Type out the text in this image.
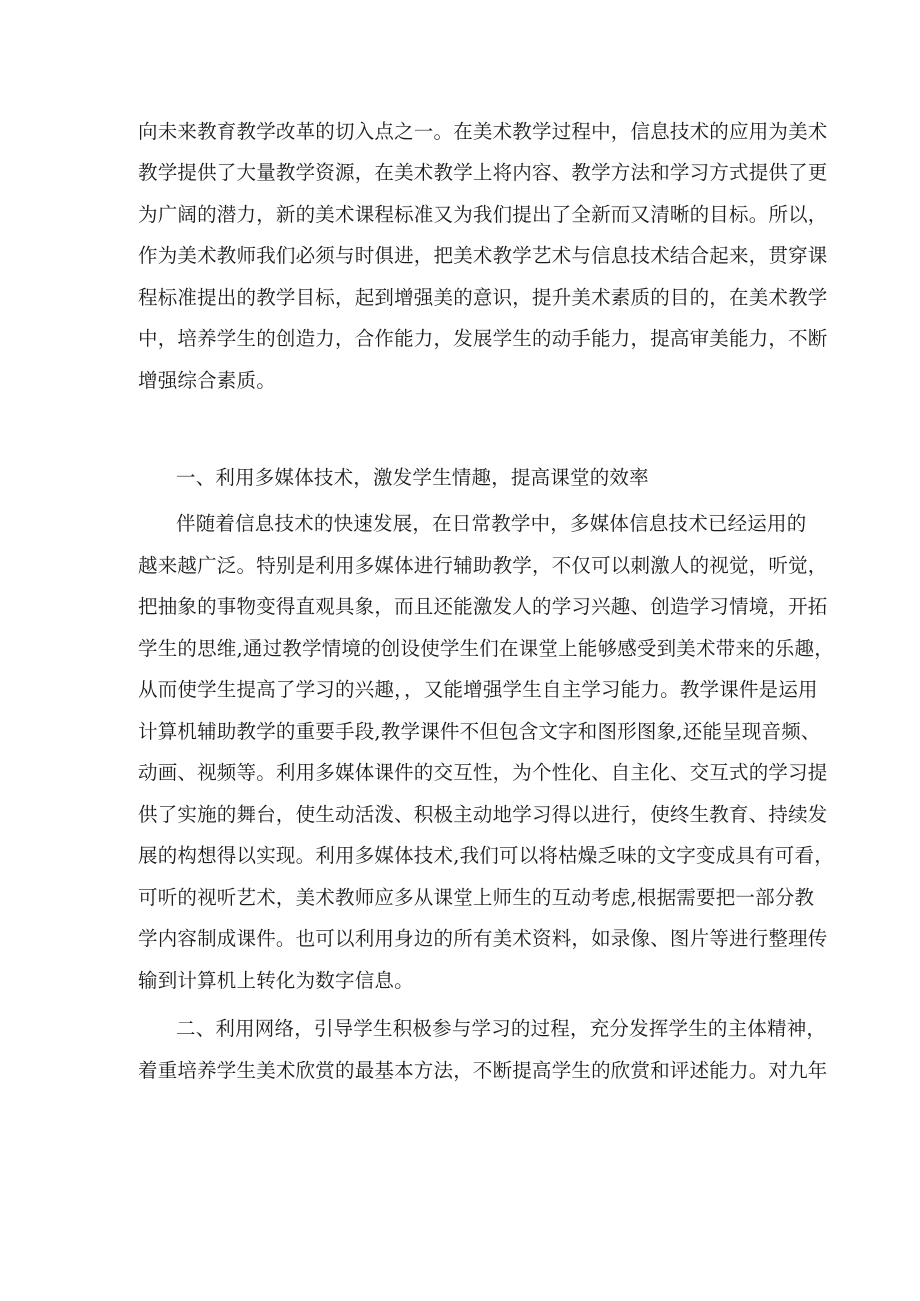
向未来教育教学改革的切入点之一。在美术教学过程中，信息技术的应用为美术
教学提供了大量教学资源，在美术教学上将内容、教学方法和学习方式提供了更
为广阔的潜力，新的美术课程标准又为我们提出了全新而又清晰的目标。所以，
作为美术教师我们必须与时俱进，把美术教学艺术与信息技术结合起来，贯穿课
程标准提出的教学目标，起到增强美的意识，提升美术素质的目的，在美术教学
中，培养学生的创造力，合作能力，发展学生的动手能力，提高审美能力，不断
增强综合素质。
一、利用多媒体技术，激发学生情趣，提高课堂的效率
伴随着信息技术的快速发展，在日常教学中，多媒体信息技术已经运用的
越来越广泛。特别是利用多媒体进行辅助教学，不仅可以刺激人的视觉，听觉，
把抽象的事物变得直观具象，而且还能激发人的学习兴趣、创造学习情境，开拓
学生的思维,通过教学情境的创设使学生们在课堂上能够感受到美术带来的乐趣，
从而使学生提高了学习的兴趣，，又能增强学生自主学习能力。教学课件是运用
计算机辅助教学的重要手段,教学课件不但包含文字和图形图象,还能呈现音频、
动画、视频等。利用多媒体课件的交互性，为个性化、自主化、交互式的学习提
供了实施的舞台，使生动活泼、积极主动地学习得以进行，使终生教育、持续发
展的构想得以实现。利用多媒体技术,我们可以将枯燥乏味的文字变成具有可看，
可听的视听艺术，美术教师应多从课堂上师生的互动考虑,根据需要把一部分教
学内容制成课件。也可以利用身边的所有美术资料，如录像、图片等进行整理传
输到计算机上转化为数字信息。
二、利用网络，引导学生积极参与学习的过程，充分发挥学生的主体精神，
着重培养学生美术欣赏的最基本方法，不断提高学生的欣赏和评述能力。对九年
